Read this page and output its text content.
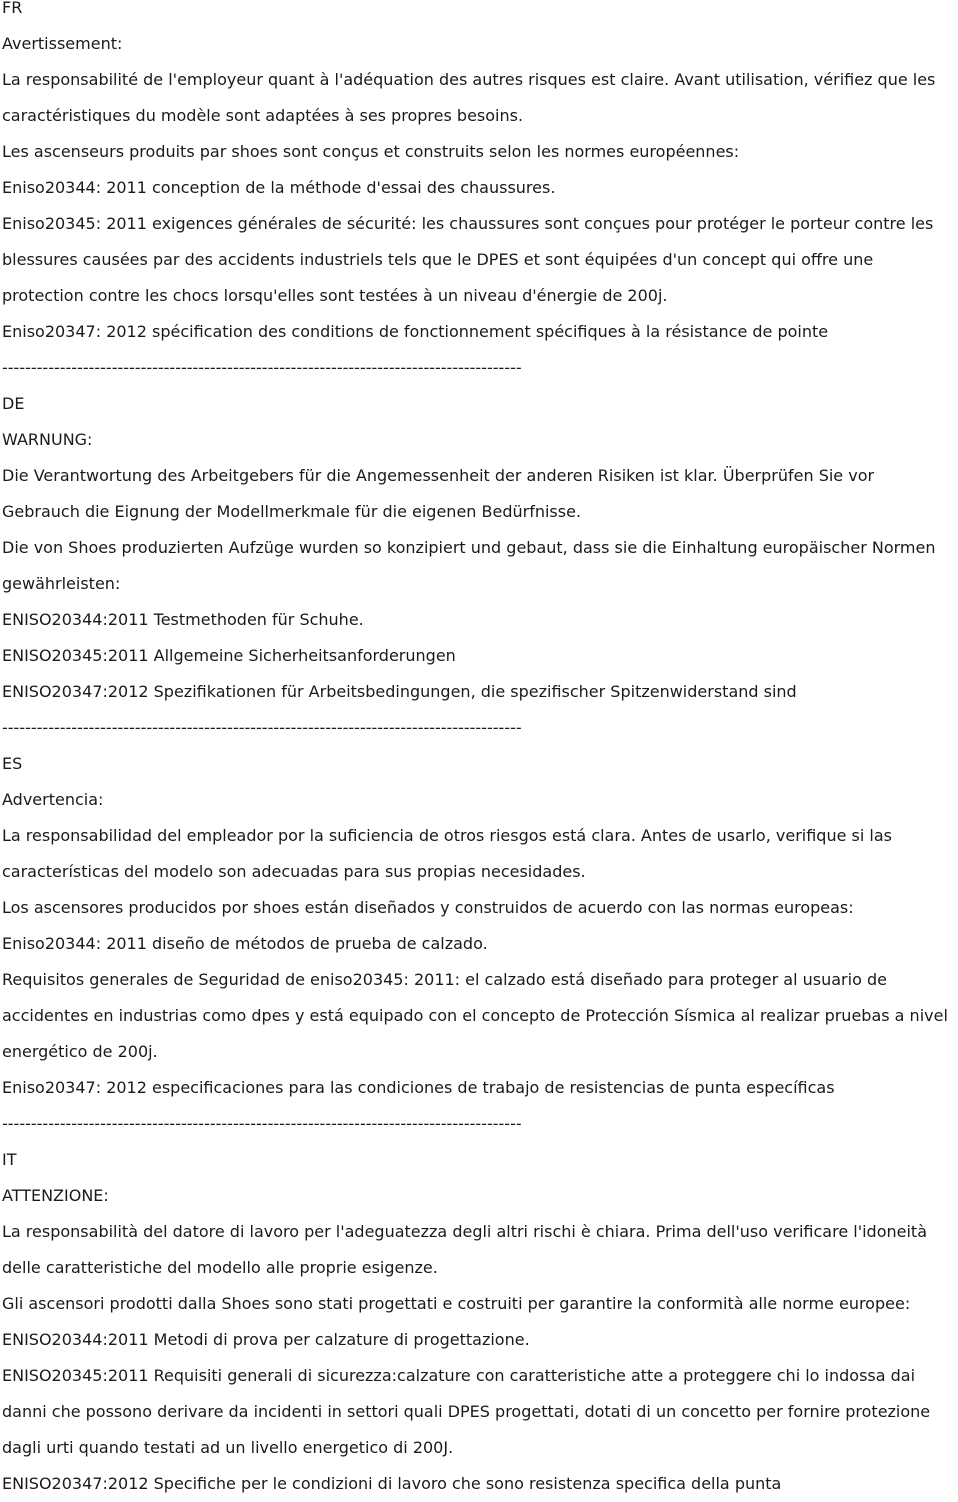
FR

Avertissement:

La responsabilité de l'employeur quant à l'adéquation des autres risques est claire. Avant utilisation, vérifiez que les caractéristiques du modèle sont adaptées à ses propres besoins.

Les ascenseurs produits par shoes sont conçus et construits selon les normes européennes:

Eniso20344: 2011 conception de la méthode d'essai des chaussures.

Eniso20345: 2011 exigences générales de sécurité: les chaussures sont conçues pour protéger le porteur contre les blessures causées par des accidents industriels tels que le DPES et sont équipées d'un concept qui offre une protection contre les chocs lorsqu'elles sont testées à un niveau d'énergie de 200j.

Eniso20347: 2012 spécification des conditions de fonctionnement spécifiques à la résistance de pointe

------------------------------------------------------------------------------------------

DE

WARNUNG:

Die Verantwortung des Arbeitgebers für die Angemessenheit der anderen Risiken ist klar. Überprüfen Sie vor Gebrauch die Eignung der Modellmerkmale für die eigenen Bedürfnisse.

Die von Shoes produzierten Aufzüge wurden so konzipiert und gebaut, dass sie die Einhaltung europäischer Normen gewährleisten:

ENISO20344:2011 Testmethoden für Schuhe.

ENISO20345:2011 Allgemeine Sicherheitsanforderungen

ENISO20347:2012 Spezifikationen für Arbeitsbedingungen, die spezifischer Spitzenwiderstand sind

------------------------------------------------------------------------------------------

ES

Advertencia:

La responsabilidad del empleador por la suficiencia de otros riesgos está clara. Antes de usarlo, verifique si las características del modelo son adecuadas para sus propias necesidades.

Los ascensores producidos por shoes están diseñados y construidos de acuerdo con las normas europeas:

Eniso20344: 2011 diseño de métodos de prueba de calzado.

Requisitos generales de Seguridad de eniso20345: 2011: el calzado está diseñado para proteger al usuario de accidentes en industrias como dpes y está equipado con el concepto de Protección Sísmica al realizar pruebas a nivel energético de 200j.

Eniso20347: 2012 especificaciones para las condiciones de trabajo de resistencias de punta específicas

------------------------------------------------------------------------------------------

IT

ATTENZIONE:

La responsabilità del datore di lavoro per l'adeguatezza degli altri rischi è chiara. Prima dell'uso verificare l'idoneità delle caratteristiche del modello alle proprie esigenze.

Gli ascensori prodotti dalla Shoes sono stati progettati e costruiti per garantire la conformità alle norme europee:

ENISO20344:2011 Metodi di prova per calzature di progettazione.

ENISO20345:2011 Requisiti generali di sicurezza:calzature con caratteristiche atte a proteggere chi lo indossa dai danni che possono derivare da incidenti in settori quali DPES progettati, dotati di un concetto per fornire protezione dagli urti quando testati ad un livello energetico di 200J.

ENISO20347:2012 Specifiche per le condizioni di lavoro che sono resistenza specifica della punta
